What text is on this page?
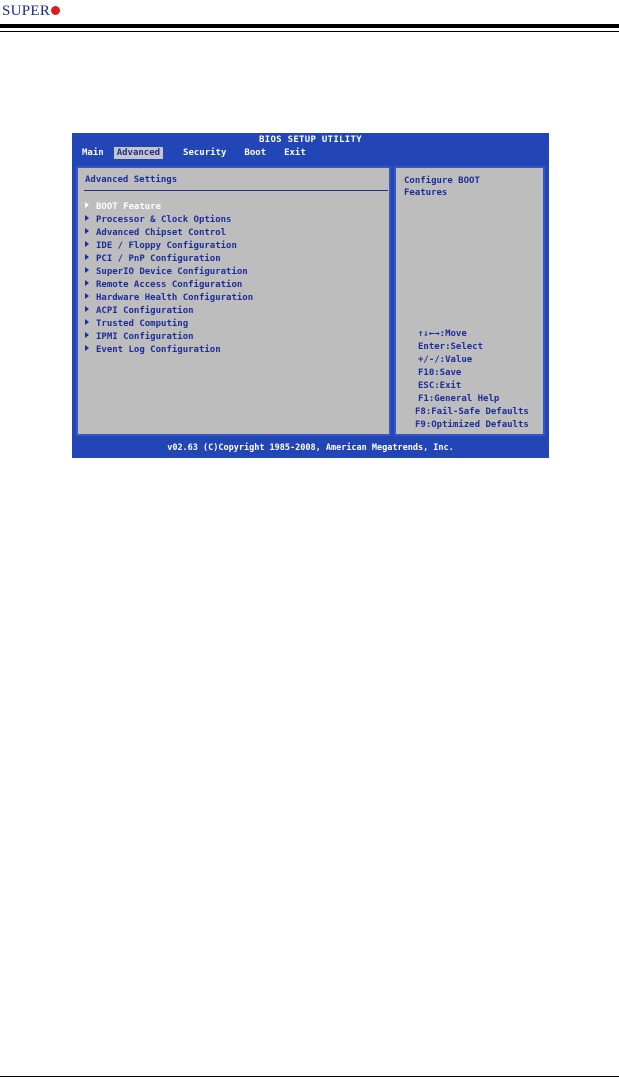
SUPER
BIOS SETUP UTILITY
Main	Advanced	Security	Boot	Exit
Advanced Settings
BOOT Feature
Processor & Clock Options
Advanced Chipset Control
IDE / Floppy Configuration
PCI / PnP Configuration
SuperIO Device Configuration
Remote Access Configuration
Hardware Health Configuration
ACPI Configuration
Trusted Computing
IPMI Configuration
Event Log Configuration
Configure BOOT
Features
↑↓←→:Move
Enter:Select
+/-/:Value
F10:Save
ESC:Exit
F1:General Help
F8:Fail-Safe Defaults
F9:Optimized Defaults
v02.63 (C)Copyright 1985-2008, American Megatrends, Inc.
